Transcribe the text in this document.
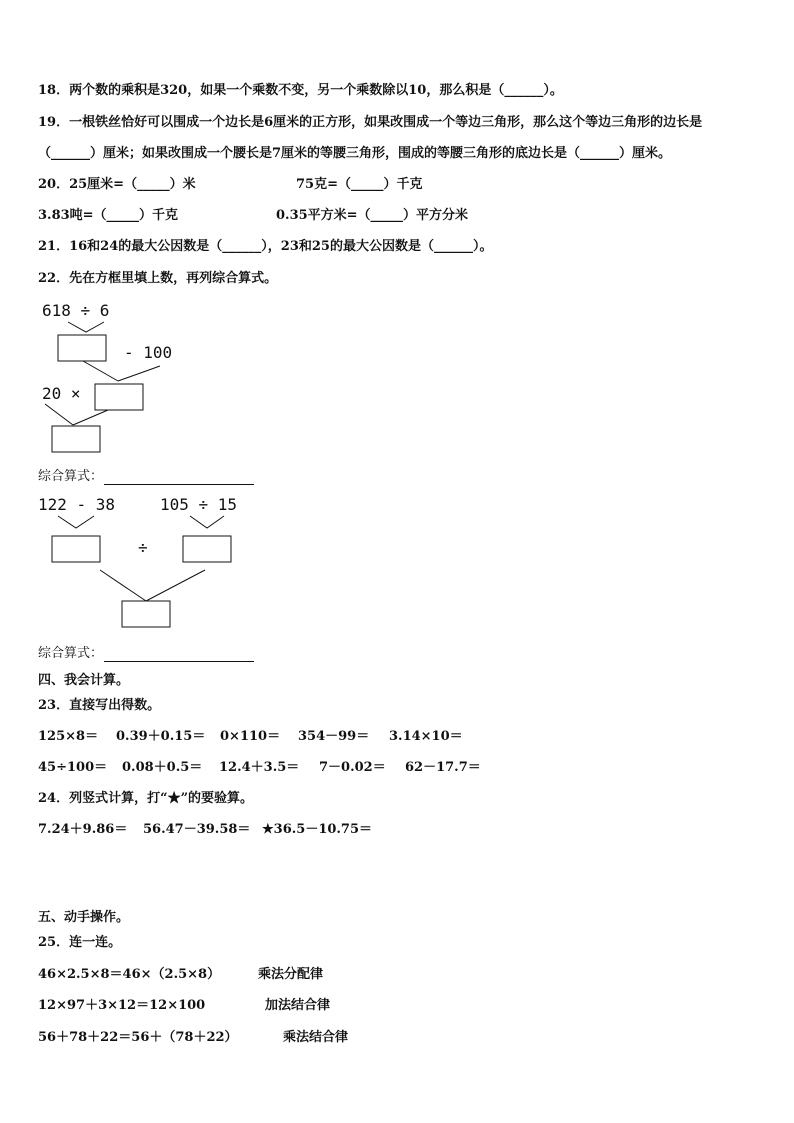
18．两个数的乘积是320，如果一个乘数不变，另一个乘数除以10，那么积是（______）。
19．一根铁丝恰好可以围成一个边长是6厘米的正方形，如果改围成一个等边三角形，那么这个等边三角形的边长是
（______）厘米；如果改围成一个腰长是7厘米的等腰三角形，围成的等腰三角形的底边长是（______）厘米。
20．25厘米=（_____）米	75克=（_____）千克
3.83吨=（_____）千克	0.35平方米=（_____）平方分米
21．16和24的最大公因数是（______），23和25的最大公因数是（______）。
22．先在方框里填上数，再列综合算式。
618 ÷ 6
- 100
20 ×
综合算式：
122 - 38	105 ÷ 15
÷
综合算式：
四、我会计算。
23．直接写出得数。
125×8＝ 0.39＋0.15＝ 0×110＝ 354－99＝ 3.14×10＝
45÷100＝ 0.08＋0.5＝ 12.4＋3.5＝ 7－0.02＝ 62－17.7＝
24．列竖式计算，打“★”的要验算。
7.24＋9.86＝ 56.47－39.58＝ ★36.5－10.75＝
五、动手操作。
25．连一连。
46×2.5×8＝46×（2.5×8）
12×97＋3×12＝12×100
56＋78＋22＝56＋（78＋22）
乘法分配律
加法结合律
乘法结合律
